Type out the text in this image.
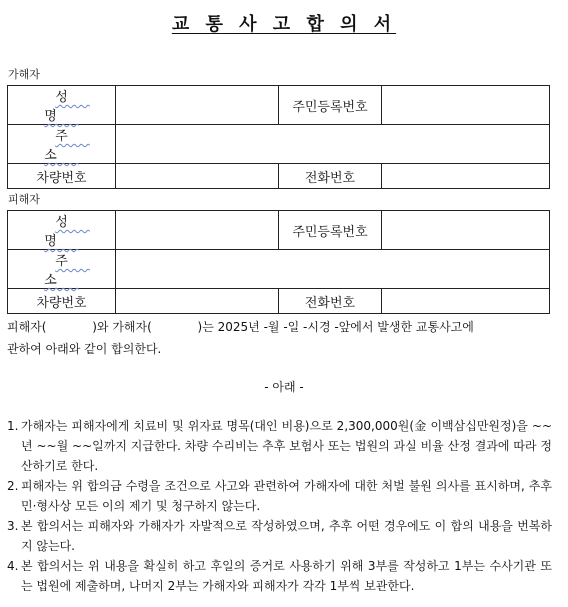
교 통 사 고 합 의 서
가해자
성 명		주민등록번호	
주 소			
차량번호		전화번호	
피해자
성 명		주민등록번호	
주 소			
차량번호		전화번호	
피해자(            )와 가해자(            )는 2025년 -월 -일 -시경 -앞에서 발생한 교통사고에
관하여 아래와 같이 합의한다.
- 아래 -
1. 가해자는 피해자에게 치료비 및 위자료 명목(대인 비용)으로 2,300,000원(金 이백삼십만원정)을 ~~년 ~~월 ~~일까지 지급한다. 차량 수리비는 추후 보험사 또는 법원의 과실 비율 산정 결과에 따라 정산하기로 한다.
2. 피해자는 위 합의금 수령을 조건으로 사고와 관련하여 가해자에 대한 처벌 불원 의사를 표시하며, 추후 민·형사상 모든 이의 제기 및 청구하지 않는다.
3. 본 합의서는 피해자와 가해자가 자발적으로 작성하였으며, 추후 어떤 경우에도 이 합의 내용을 번복하지 않는다.
4. 본 합의서는 위 내용을 확실히 하고 후일의 증거로 사용하기 위해 3부를 작성하고 1부는 수사기관 또는 법원에 제출하며, 나머지 2부는 가해자와 피해자가 각각 1부씩 보관한다.
